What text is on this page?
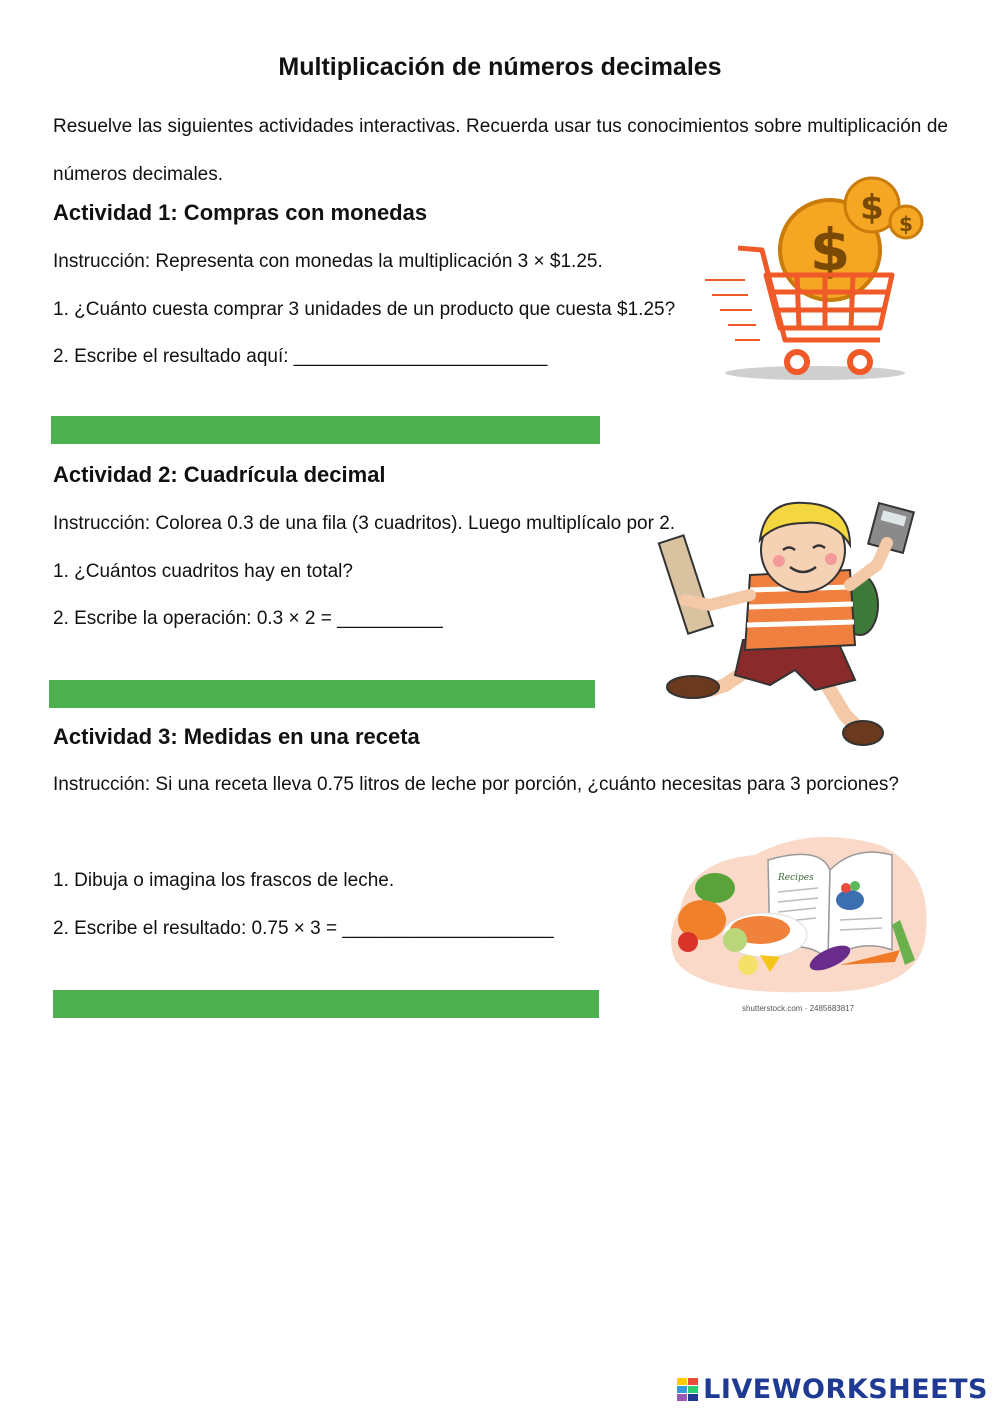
Multiplicación de números decimales
Resuelve las siguientes actividades interactivas. Recuerda usar tus conocimientos sobre multiplicación de números decimales.
Actividad 1: Compras con monedas
Instrucción: Representa con monedas la multiplicación 3 × $1.25.
1. ¿Cuánto cuesta comprar 3 unidades de un producto que cuesta $1.25?
2. Escribe el resultado aquí: ________________________
$
$ $
Actividad 2: Cuadrícula decimal
Instrucción: Colorea 0.3 de una fila (3 cuadritos). Luego multiplícalo por 2.
1. ¿Cuántos cuadritos hay en total?
2. Escribe la operación: 0.3 × 2 = __________
Actividad 3: Medidas en una receta
Instrucción: Si una receta lleva 0.75 litros de leche por porción, ¿cuánto necesitas para 3 porciones?
1. Dibuja o imagina los frascos de leche.
2. Escribe el resultado: 0.75 × 3 = ____________________
Recipes
shutterstock.com · 2485683817
LIVEWORKSHEETS
